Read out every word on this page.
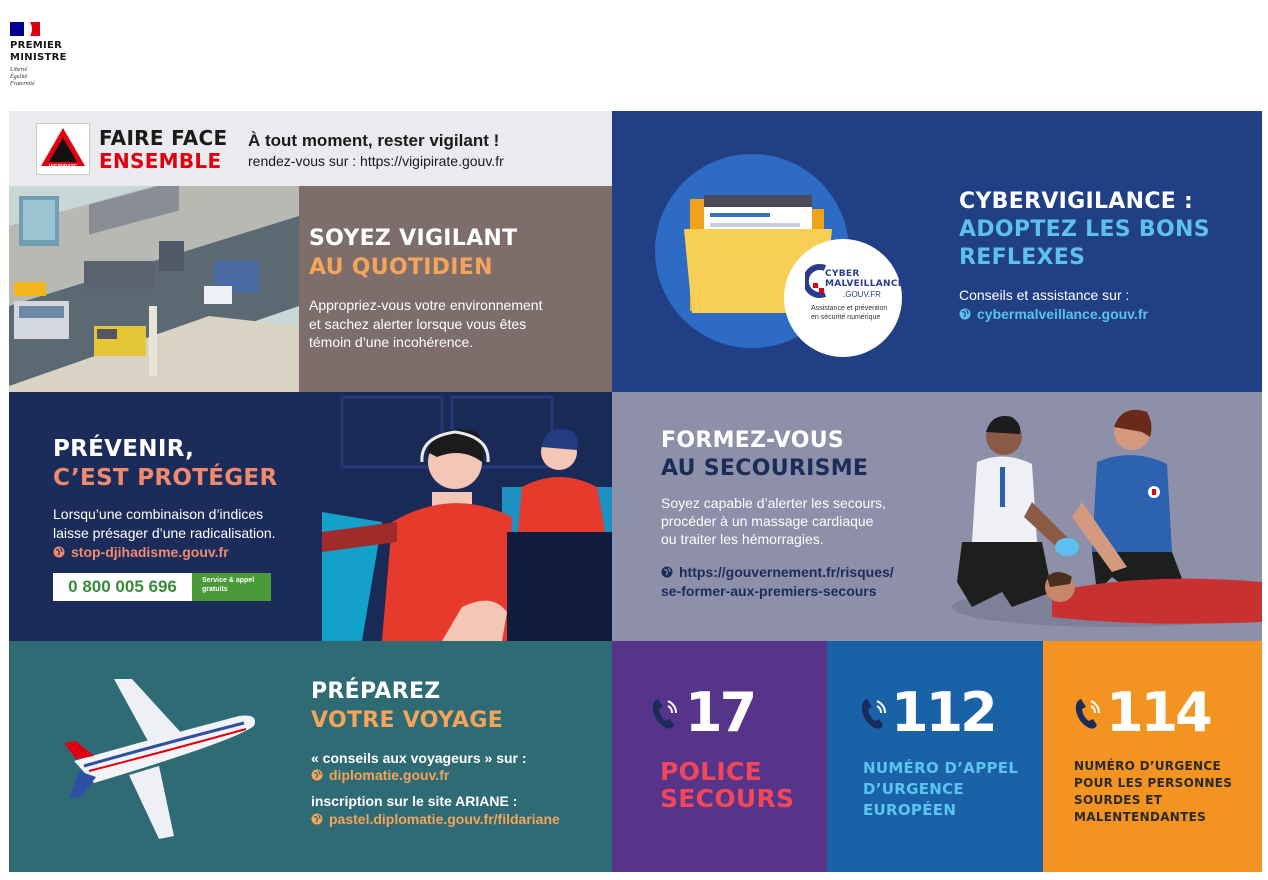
PREMIER
MINISTRE
Liberté
Égalité
Fraternité
VIGIPIRATE
FAIRE FACE
ENSEMBLE
À tout moment, rester vigilant !
rendez-vous sur : https://vigipirate.gouv.fr
SOYEZ VIGILANT
AU QUOTIDIEN
Appropriez-vous votre environnement
et sachez alerter lorsque vous êtes
témoin d’une incohérence.
CYBER
MALVEILLANCE
.GOUV.FR
Assistance et prévention
en sécurité numérique
CYBERVIGILANCE :
ADOPTEZ LES BONS
REFLEXES
Conseils et assistance sur :
cybermalveillance.gouv.fr
PRÉVENIR,
C’EST PROTÉGER
Lorsqu’une combinaison d’indices
laisse présager d’une radicalisation.
stop-djihadisme.gouv.fr
0 800 005 696	Service & appel
gratuits
FORMEZ-VOUS
AU SECOURISME
Soyez capable d’alerter les secours,
procéder à un massage cardiaque
ou traiter les hémorragies.
https://gouvernement.fr/risques/
se-former-aux-premiers-secours
PRÉPAREZ
VOTRE VOYAGE
« conseils aux voyageurs » sur :
diplomatie.gouv.fr
inscription sur le site ARIANE :
pastel.diplomatie.gouv.fr/fildariane
17
POLICE
SECOURS
112
NUMÉRO D’APPEL
D’URGENCE
EUROPÉEN
114
NUMÉRO D’URGENCE
POUR LES PERSONNES
SOURDES ET
MALENTENDANTES
